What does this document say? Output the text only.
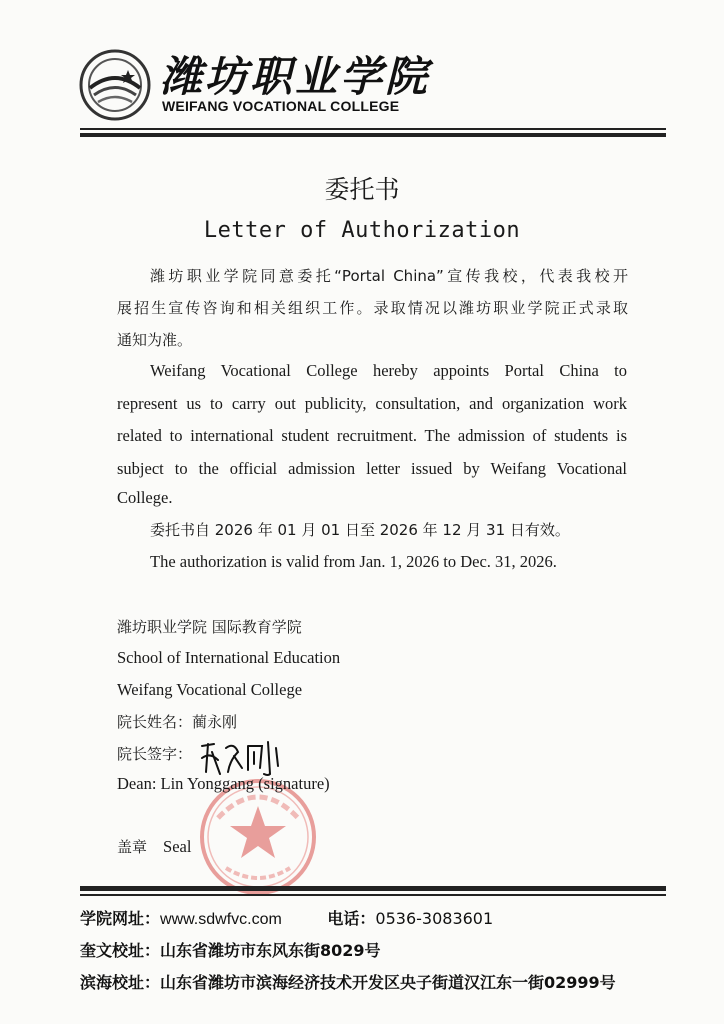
潍坊职业学院
WEIFANG VOCATIONAL COLLEGE
委托书
Letter of Authorization
潍坊职业学院同意委托“Portal China”宣传我校，代表我校开
展招生宣传咨询和相关组织工作。录取情况以潍坊职业学院正式录取
通知为准。
Weifang Vocational College hereby appoints Portal China to
represent us to carry out publicity, consultation, and organization work
related to international student recruitment. The admission of students is
subject to the official admission letter issued by Weifang Vocational
College.
委托书自 2026 年 01 月 01 日至 2026 年 12 月 31 日有效。
The authorization is valid from Jan. 1, 2026 to Dec. 31, 2026.
潍坊职业学院 国际教育学院
School of International Education
Weifang Vocational College
院长姓名：蔺永刚
院长签字：
Dean: Lin Yonggang (signature)
盖章 Seal
学院网址：www.sdwfvc.com	电话：0536-3083601
奎文校址：山东省潍坊市东风东街8029号
滨海校址：山东省潍坊市滨海经济技术开发区央子街道汉江东一街02999号
